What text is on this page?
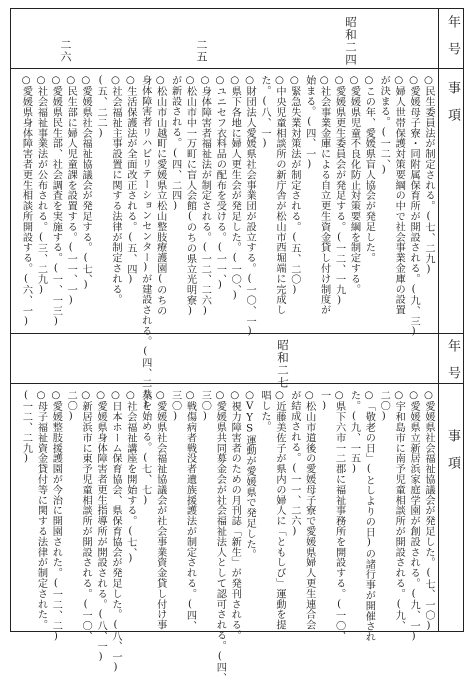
年号
事項
昭和二四
二五
二六
○民生委員法が制定される。(七、二九)
○愛媛母子寮・同附属保育所が開設される。(九、三)
○婦人世帯保護対策要綱の中で社会事業金庫の設置
が決まる。(一二、)
○この年、愛媛県盲人協会が発足した。
○愛媛県児童不良化防止対策要綱を制定する。
○愛媛県更生委員会が発足する。(一二、一九)
○社会事業金庫による自立更生資金貸し付け制度が
始まる。(四、一)
○緊急失業対策法が制定される。(五、二〇)
○中央児童相談所の新庁舎が松山市西堀端に完成し
た。(八、一)
○財団法人愛媛県社会事業団が設立する。(一〇、一)
○県下各地に婦人更生会が発足した。(一〇、)
○ユニセフ衣料品の配布を受ける。(一一、)
○身体障害者福祉法が制定される。(一二、二六)
○松山市中一万町に盲人会館(のちの県立光明寮)
が新設される。(四、二四)
○松山市山越町に愛媛県立松山整肢療護園(のちの
身体障害者リハビリテーションセンター)が建設される。(四、二八)
○生活保護法が全面改正される。(五、四)
○社会福祉主事設置に関する法律が制定される。
(五、二二)
○愛媛県社会福祉協議会が発足する。(七、)
○民生部に婦人児童課を設置する。(一一、一)
○愛媛県民生部、社会調査を実施する。(一、一三)
○社会福祉事業法が公布される。(三、二九)
○愛媛県身体障害者更生相談所開設する。(六、一)
年号
事項
昭和二七
○愛媛県社会福祉協議会が発足した。(七、一〇)
○愛媛県立新居浜家庭学園が創設される。(九、一)
○宇和島市に南予児童相談所が開設される。(九、
二〇)
○「敬老の日」(としよりの日)の諸行事が開催され
た。(九、一五)
○県下六市一二郡に福祉事務所を開設する。(一〇、
一)
○松山市道後の愛媛母子寮で愛媛県婦人更生連合会
が結成される。(一一、二六)
○近藤美佐子が県内の婦人に「ともしび」運動を提
唱した。
○VYS運動が愛媛県で発足した。
○視力障害者のための月刊誌「新生」が発刊される。
○愛媛県共同募金会が社会福祉法人として認可される。(四、
三〇)
○戦傷病者戦没者遺族援護法が制定される。(四、
三〇)
○愛媛県社会福祉協議会が社会事業資金貸し付け事
業を始める。(七、七)
○社会福祉講座を開始する。(七、)
○日本ホーム保育協会、県保育協会が発足した。(八、一)
○愛媛県身体障害者更生指導所が開設される。(八、一)
○新居浜市に東予児童相談所が開設される。(一〇、
二〇)
○愛媛整肢援護園が今治に開園された。(一二、二)
○母子福祉資金貸付等に関する法律が制定された。
(一二、二九)
